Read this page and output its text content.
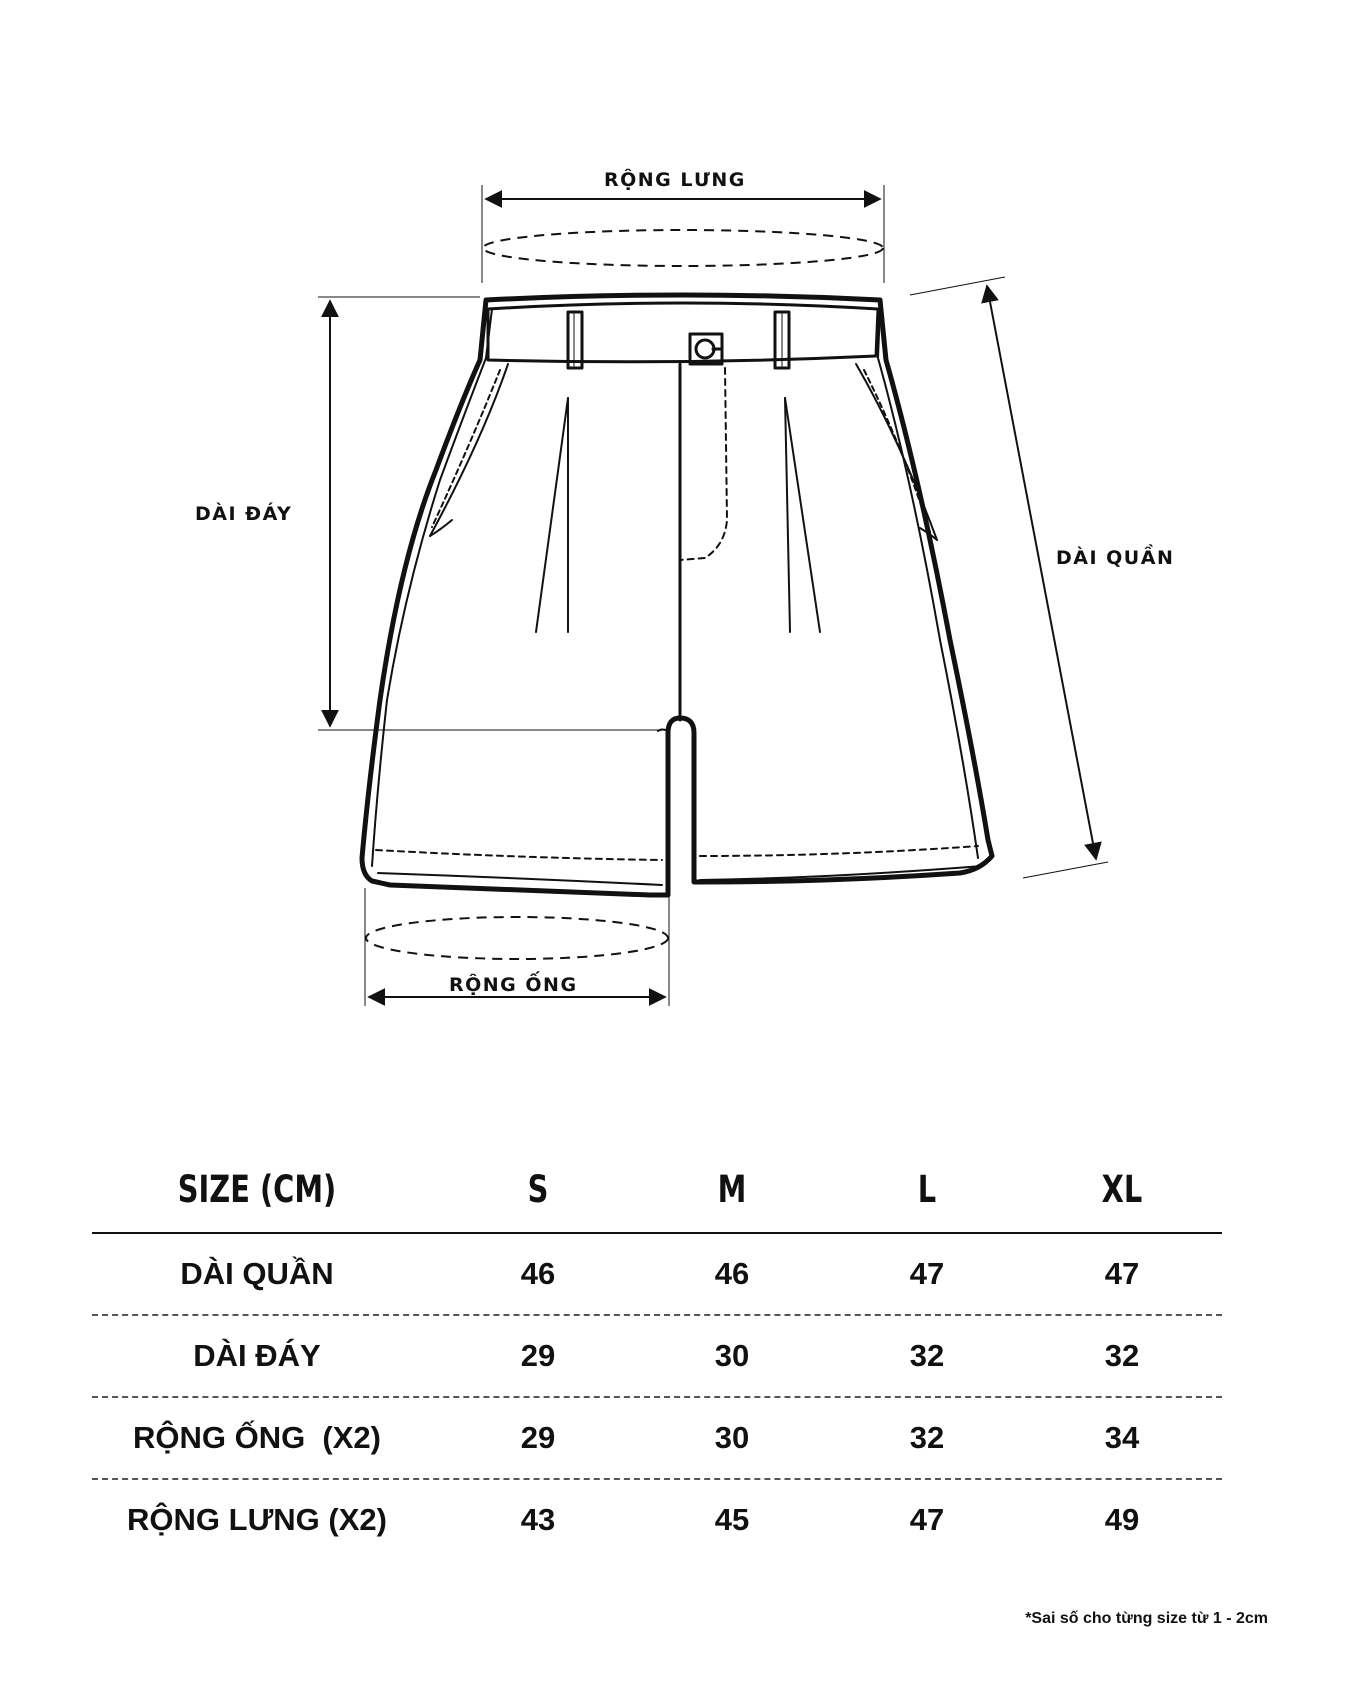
RỘNG LƯNG
DÀI ĐÁY
DÀI QUẦN
RỘNG ỐNG
SIZE (CM)	S	M	L	XL
DÀI QUẦN	46	46	47	47
DÀI ĐÁY	29	30	32	32
RỘNG ỐNG  (X2)	29	30	32	34
RỘNG LƯNG (X2)	43	45	47	49
*Sai số cho từng size từ 1 - 2cm
